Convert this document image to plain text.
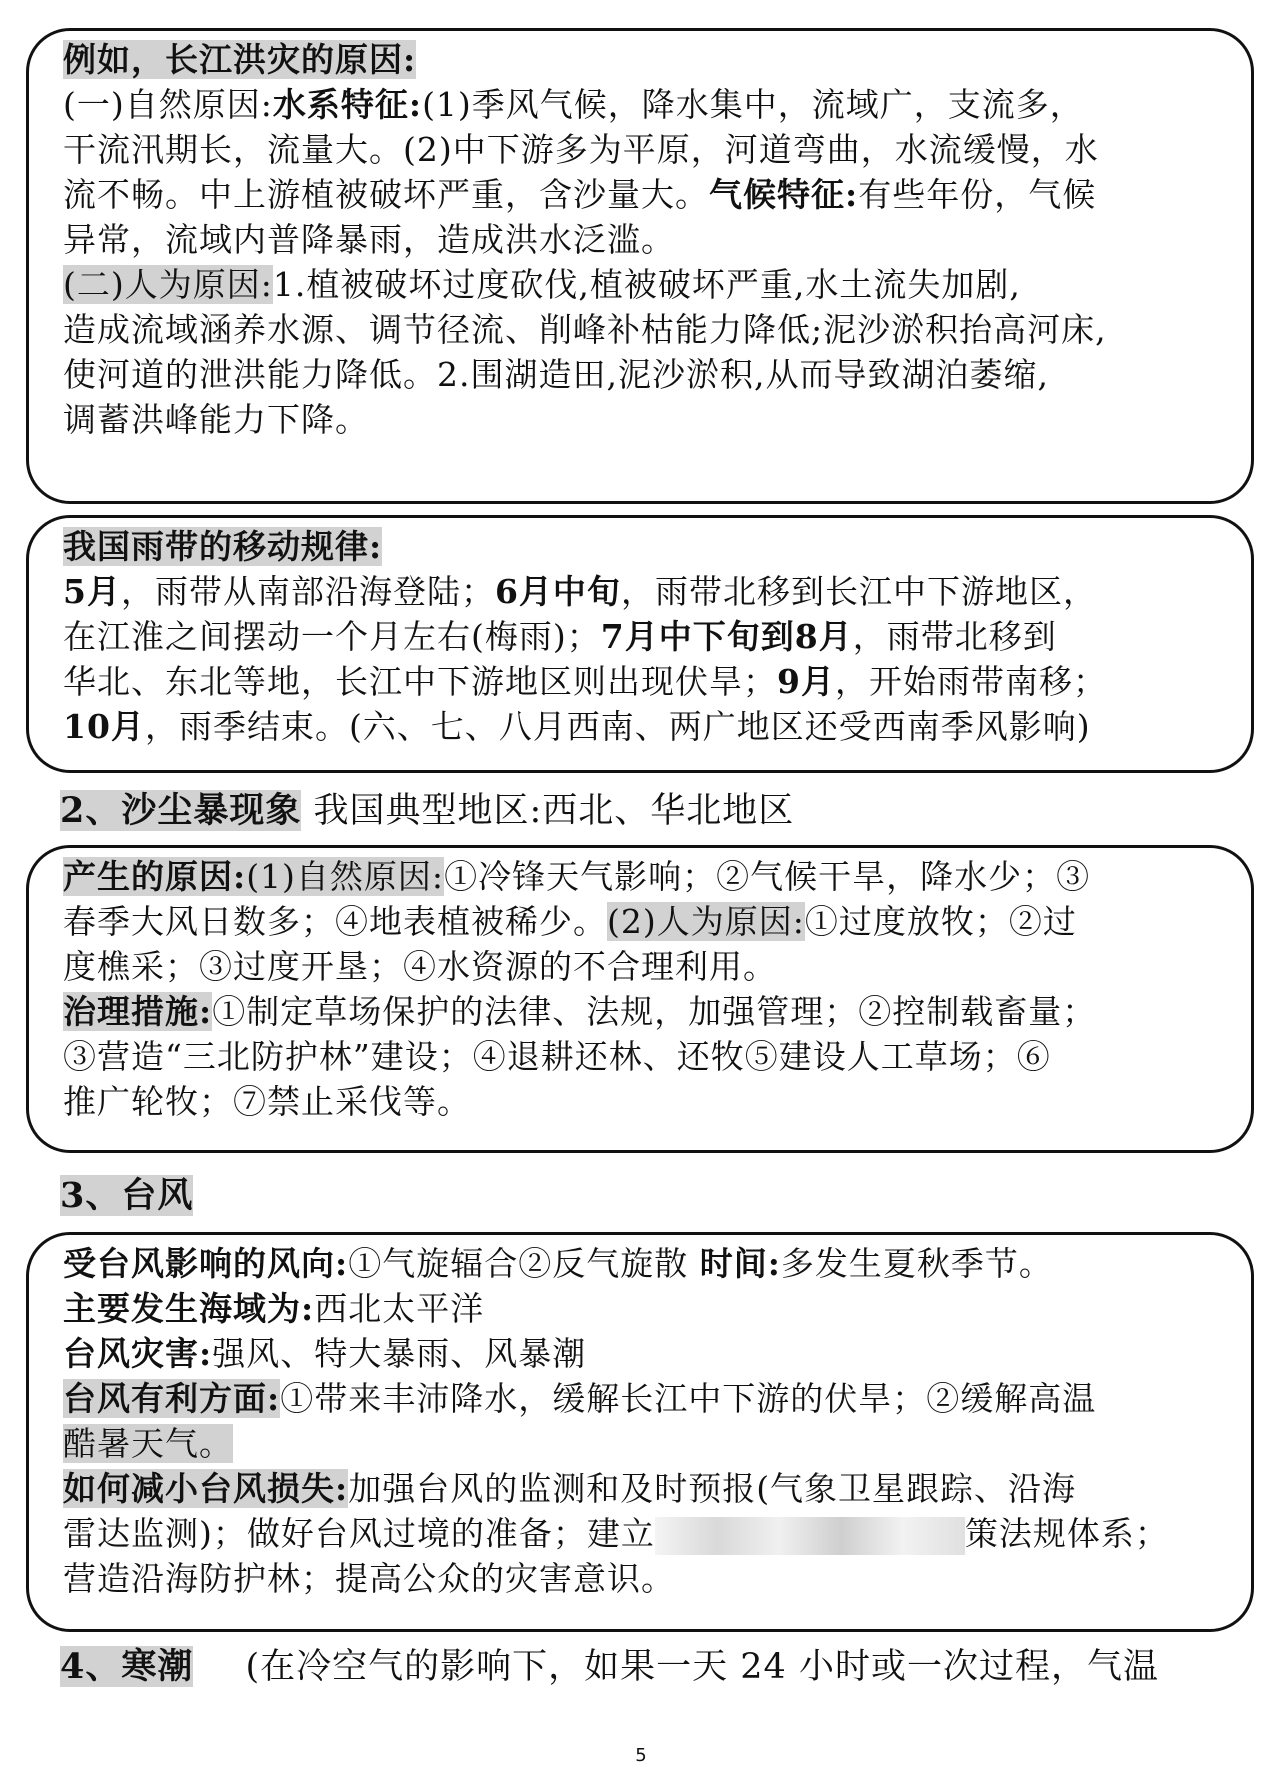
例如，长江洪灾的原因:
(一)自然原因:水系特征:(1)季风气候，降水集中，流域广，支流多，
干流汛期长，流量大。(2)中下游多为平原，河道弯曲，水流缓慢，水
流不畅。中上游植被破坏严重，含沙量大。气候特征:有些年份，气候
异常，流域内普降暴雨，造成洪水泛滥。
(二)人为原因:1.植被破坏过度砍伐,植被破坏严重,水土流失加剧,
造成流域涵养水源、调节径流、削峰补枯能力降低;泥沙淤积抬高河床,
使河道的泄洪能力降低。2.围湖造田,泥沙淤积,从而导致湖泊萎缩,
调蓄洪峰能力下降。
我国雨带的移动规律:
5月，雨带从南部沿海登陆；6月中旬，雨带北移到长江中下游地区，
在江淮之间摆动一个月左右(梅雨)；7月中下旬到8月，雨带北移到
华北、东北等地，长江中下游地区则出现伏旱；9月，开始雨带南移；
10月，雨季结束。(六、七、八月西南、两广地区还受西南季风影响)
2、沙尘暴现象 我国典型地区:西北、华北地区
产生的原因:(1)自然原因:①冷锋天气影响；②气候干旱，降水少；③
春季大风日数多；④地表植被稀少。(2)人为原因:①过度放牧；②过
度樵采；③过度开垦；④水资源的不合理利用。
治理措施:①制定草场保护的法律、法规，加强管理；②控制载畜量；
③营造“三北防护林”建设；④退耕还林、还牧⑤建设人工草场；⑥
推广轮牧；⑦禁止采伐等。
3、台风
受台风影响的风向:①气旋辐合②反气旋散 时间:多发生夏秋季节。
主要发生海域为:西北太平洋
台风灾害:强风、特大暴雨、风暴潮
台风有利方面:①带来丰沛降水，缓解长江中下游的伏旱；②缓解高温
酷暑天气。
如何减小台风损失:加强台风的监测和及时预报(气象卫星跟踪、沿海
雷达监测)；做好台风过境的准备；建立	策法规体系；
营造沿海防护林；提高公众的灾害意识。
4、寒潮 (在冷空气的影响下，如果一天 24 小时或一次过程，气温
5
